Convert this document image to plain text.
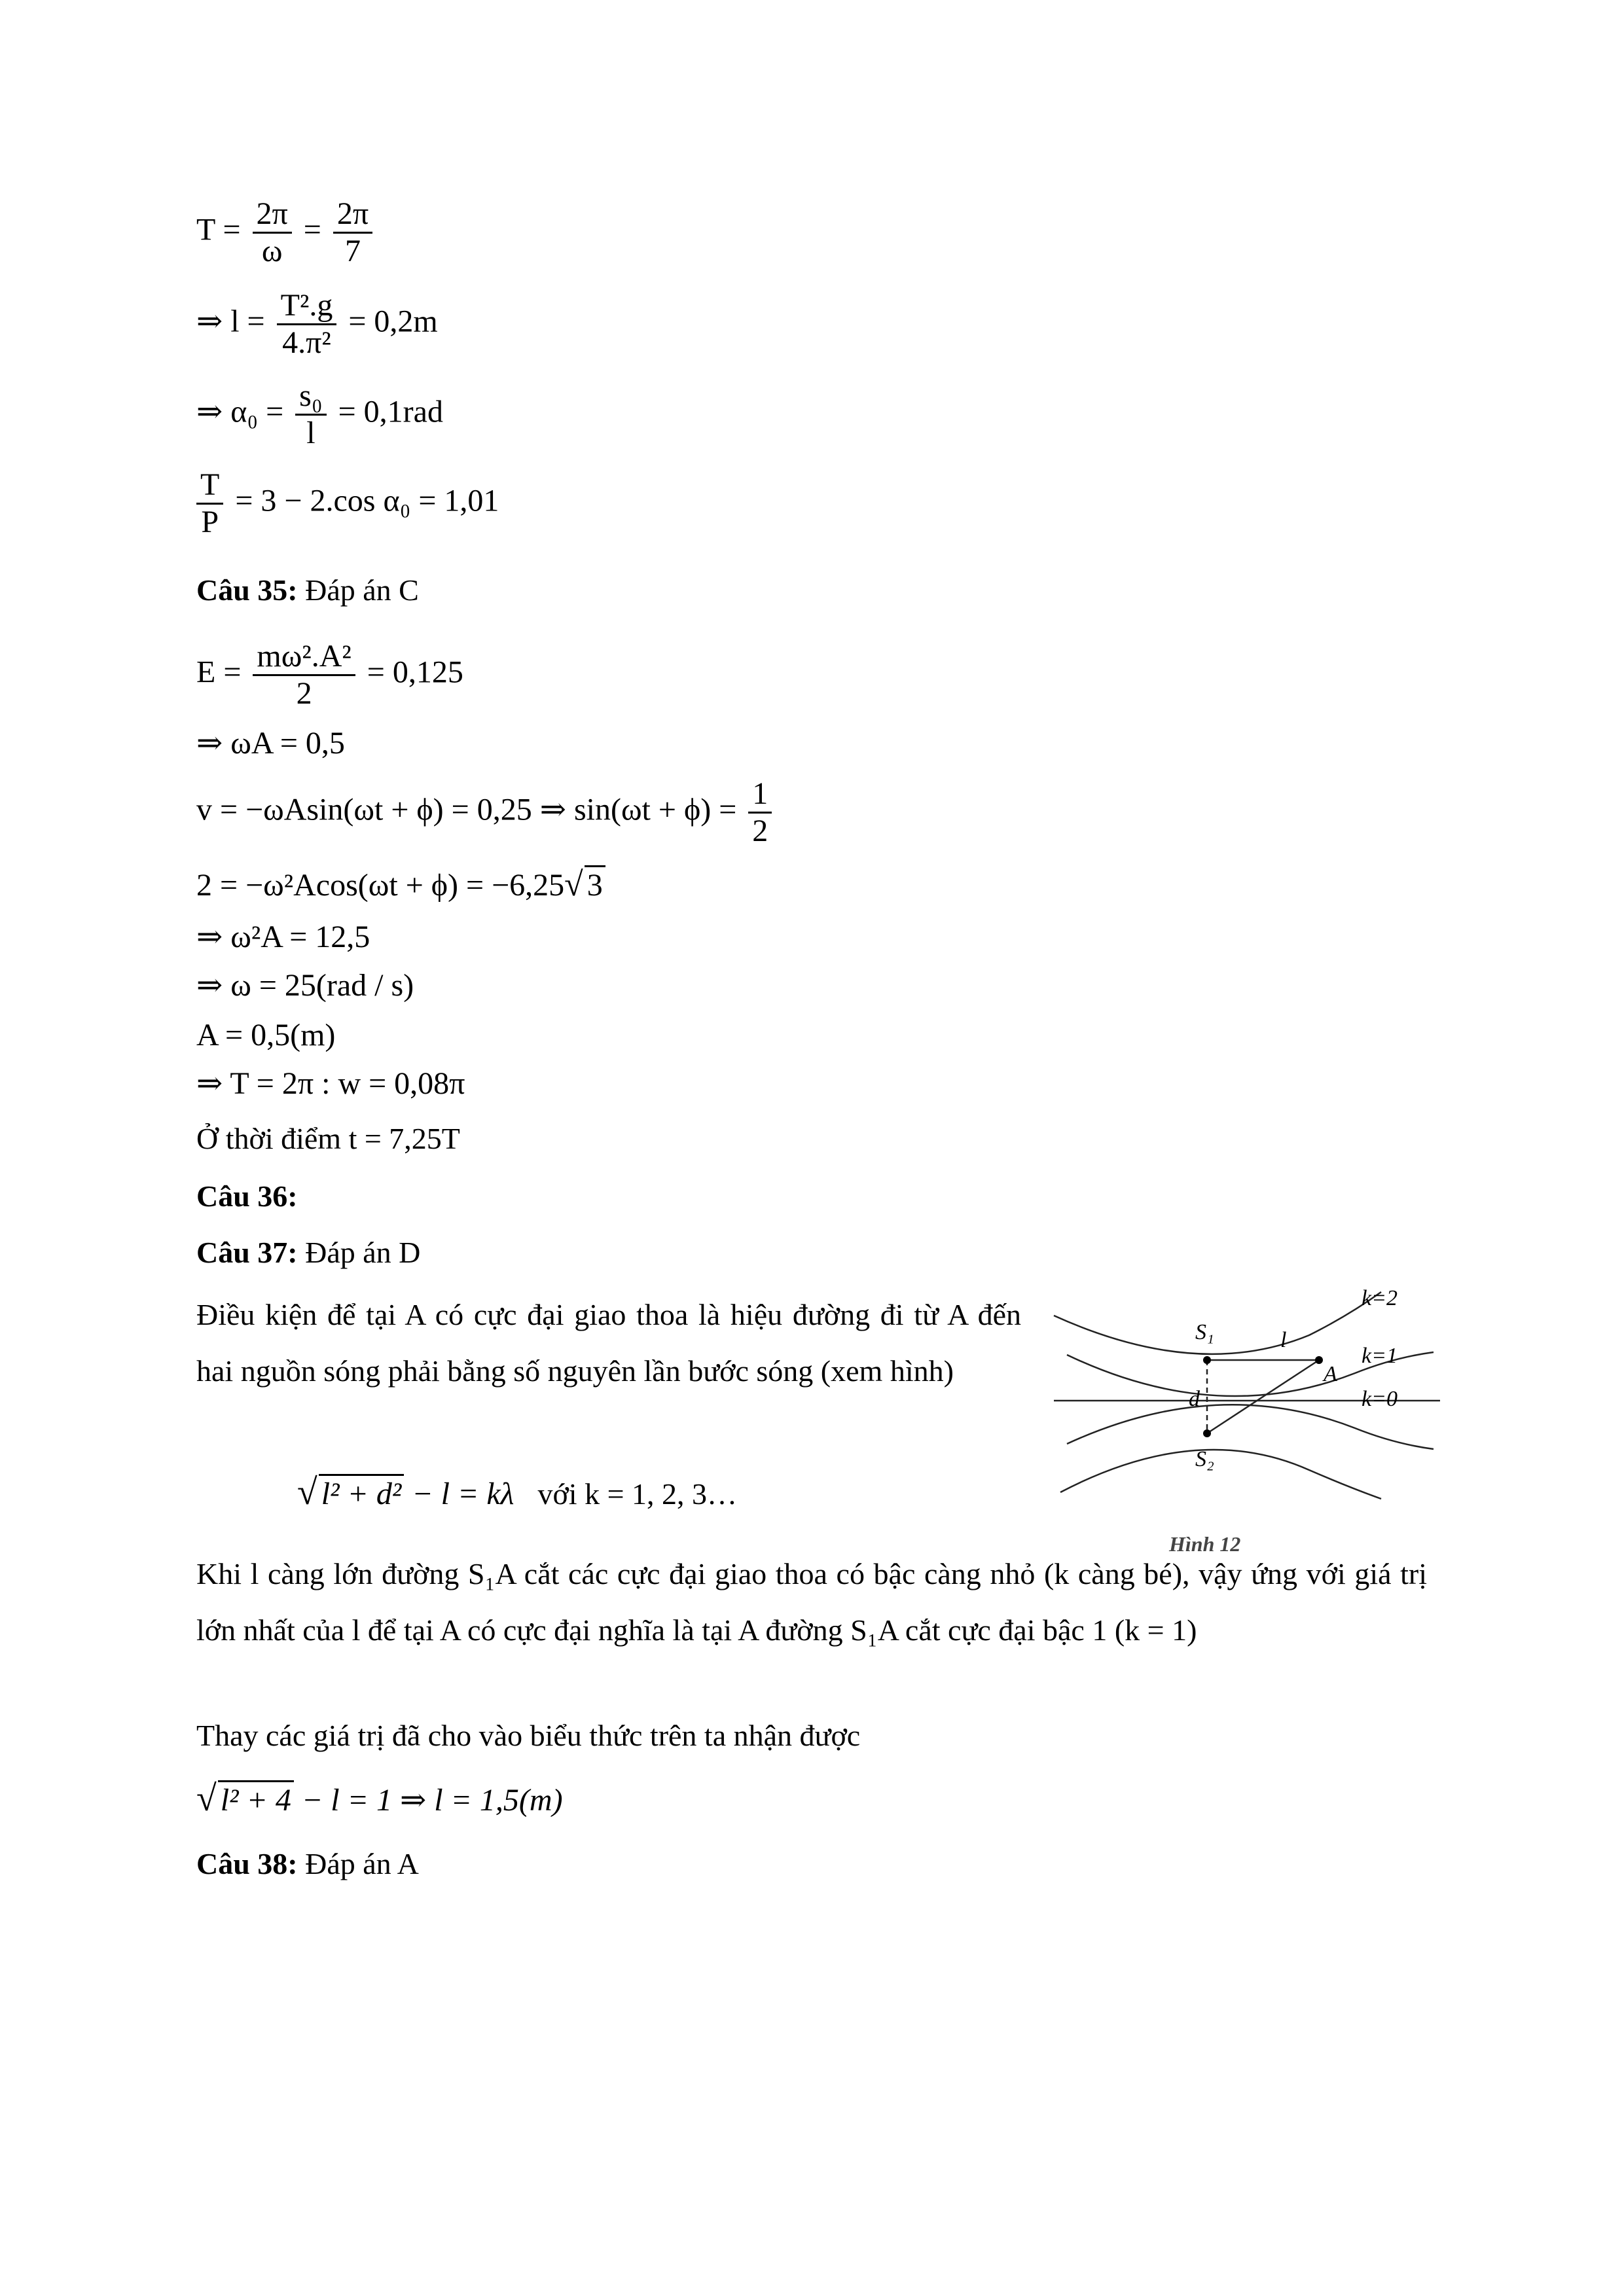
$T = \frac{2\pi}{\omega} = \frac{2\pi}{7}$
⇒ $l = \frac{\text{T².g}}{\text{4.π²}} = 0,2m$
⇒ $\alpha_0 = \frac{\text{s₀}}{l} = 0,1rad$
$\frac{T}{P} = 3 - 2.\cos$ α₀ = 1,01
Câu 35: Đáp án C
$E = \frac{\text{mω².A²}}{2} = 0,125$
⇒ ωA = 0,5
v = −ωAsin(ωt + ϕ) = 0,25 ⇒ $\sin(\omega t + \phi) = \frac{1}{2}$
2 = −ω²Acos(ωt + ϕ) = −6,25√ 3
⇒ ω²A = 12,5
⇒ ω = 25(rad / s)
A = 0,5(m)
⇒ T = 2π : w = 0,08π
Ở thời điểm t = 7,25T
Câu 36:
Câu 37: Đáp án D
Điều kiện để tại A có cực đại giao thoa là hiệu đường đi từ A đến hai nguồn sóng phải bằng số nguyên lần bước sóng (xem hình)
√ l² + d² − l = kλ với k = 1, 2, 3…
Khi l càng lớn đường S₁A cắt các cực đại giao thoa có bậc càng nhỏ (k càng bé), vậy ứng với giá trị lớn nhất của l để tại A có cực đại nghĩa là tại A đường S₁A cắt cực đại bậc 1 (k = 1)
Thay các giá trị đã cho vào biểu thức trên ta nhận được
√ l² + 4 − l = 1 ⇒ l = 1,5(m)
Câu 38: Đáp án A
k=2
k=1
k=0
S₁
S₂
l
A
d
Hình 12
